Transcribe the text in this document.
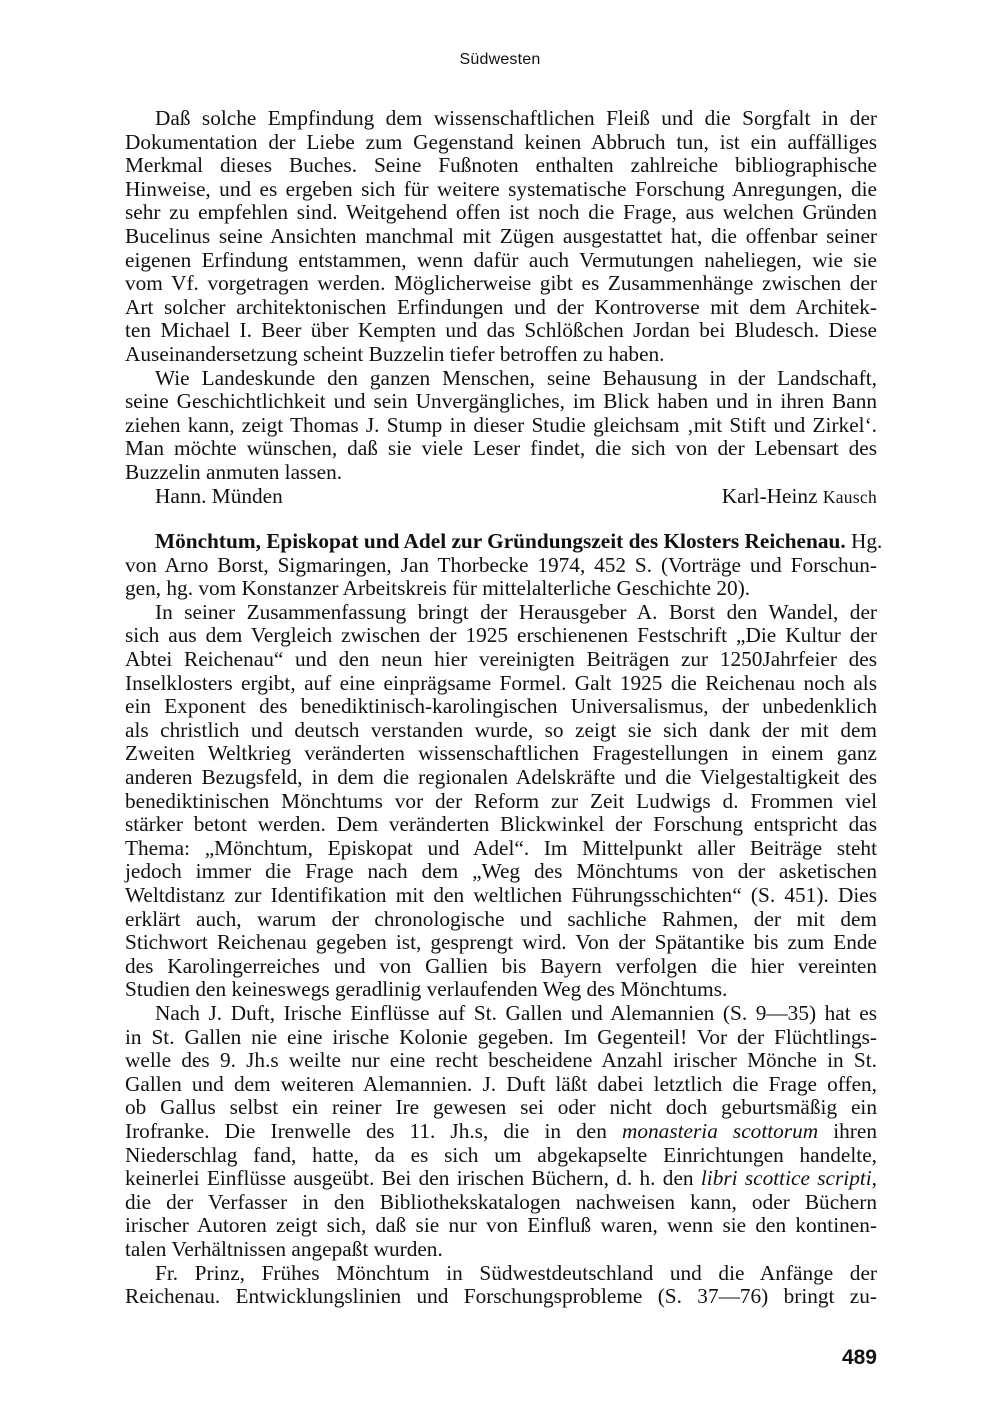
Südwesten
Daß solche Empfindung dem wissenschaftlichen Fleiß und die Sorgfalt in der
Dokumentation der Liebe zum Gegenstand keinen Abbruch tun, ist ein auffälliges
Merkmal dieses Buches. Seine Fußnoten enthalten zahlreiche bibliographische
Hinweise, und es ergeben sich für weitere systematische Forschung Anregungen, die
sehr zu empfehlen sind. Weitgehend offen ist noch die Frage, aus welchen Gründen
Bucelinus seine Ansichten manchmal mit Zügen ausgestattet hat, die offenbar seiner
eigenen Erfindung entstammen, wenn dafür auch Vermutungen naheliegen, wie sie
vom Vf. vorgetragen werden. Möglicherweise gibt es Zusammenhänge zwischen der
Art solcher architektonischen Erfindungen und der Kontroverse mit dem Architek-
ten Michael I. Beer über Kempten und das Schlößchen Jordan bei Bludesch. Diese
Auseinandersetzung scheint Buzzelin tiefer betroffen zu haben.
Wie Landeskunde den ganzen Menschen, seine Behausung in der Landschaft,
seine Geschichtlichkeit und sein Unvergängliches, im Blick haben und in ihren Bann
ziehen kann, zeigt Thomas J. Stump in dieser Studie gleichsam ‚mit Stift und Zirkel‘.
Man möchte wünschen, daß sie viele Leser findet, die sich von der Lebensart des
Buzzelin anmuten lassen.
Hann. Münden	Karl-Heinz Kausch
Mönchtum, Episkopat und Adel zur Gründungszeit des Klosters Reichenau. Hg.
von Arno Borst, Sigmaringen, Jan Thorbecke 1974, 452 S. (Vorträge und Forschun-
gen, hg. vom Konstanzer Arbeitskreis für mittelalterliche Geschichte 20).
In seiner Zusammenfassung bringt der Herausgeber A. Borst den Wandel, der
sich aus dem Vergleich zwischen der 1925 erschienenen Festschrift „Die Kultur der
Abtei Reichenau“ und den neun hier vereinigten Beiträgen zur 1250Jahrfeier des
Inselklosters ergibt, auf eine einprägsame Formel. Galt 1925 die Reichenau noch als
ein Exponent des benediktinisch-karolingischen Universalismus, der unbedenklich
als christlich und deutsch verstanden wurde, so zeigt sie sich dank der mit dem
Zweiten Weltkrieg veränderten wissenschaftlichen Fragestellungen in einem ganz
anderen Bezugsfeld, in dem die regionalen Adelskräfte und die Vielgestaltigkeit des
benediktinischen Mönchtums vor der Reform zur Zeit Ludwigs d. Frommen viel
stärker betont werden. Dem veränderten Blickwinkel der Forschung entspricht das
Thema: „Mönchtum, Episkopat und Adel“. Im Mittelpunkt aller Beiträge steht
jedoch immer die Frage nach dem „Weg des Mönchtums von der asketischen
Weltdistanz zur Identifikation mit den weltlichen Führungsschichten“ (S. 451). Dies
erklärt auch, warum der chronologische und sachliche Rahmen, der mit dem
Stichwort Reichenau gegeben ist, gesprengt wird. Von der Spätantike bis zum Ende
des Karolingerreiches und von Gallien bis Bayern verfolgen die hier vereinten
Studien den keineswegs geradlinig verlaufenden Weg des Mönchtums.
Nach J. Duft, Irische Einflüsse auf St. Gallen und Alemannien (S. 9—35) hat es
in St. Gallen nie eine irische Kolonie gegeben. Im Gegenteil! Vor der Flüchtlings-
welle des 9. Jh.s weilte nur eine recht bescheidene Anzahl irischer Mönche in St.
Gallen und dem weiteren Alemannien. J. Duft läßt dabei letztlich die Frage offen,
ob Gallus selbst ein reiner Ire gewesen sei oder nicht doch geburtsmäßig ein
Irofranke. Die Irenwelle des 11. Jh.s, die in den monasteria scottorum ihren
Niederschlag fand, hatte, da es sich um abgekapselte Einrichtungen handelte,
keinerlei Einflüsse ausgeübt. Bei den irischen Büchern, d. h. den libri scottice scripti,
die der Verfasser in den Bibliothekskatalogen nachweisen kann, oder Büchern
irischer Autoren zeigt sich, daß sie nur von Einfluß waren, wenn sie den kontinen-
talen Verhältnissen angepaßt wurden.
Fr. Prinz, Frühes Mönchtum in Südwestdeutschland und die Anfänge der
Reichenau. Entwicklungslinien und Forschungsprobleme (S. 37—76) bringt zu-
489
